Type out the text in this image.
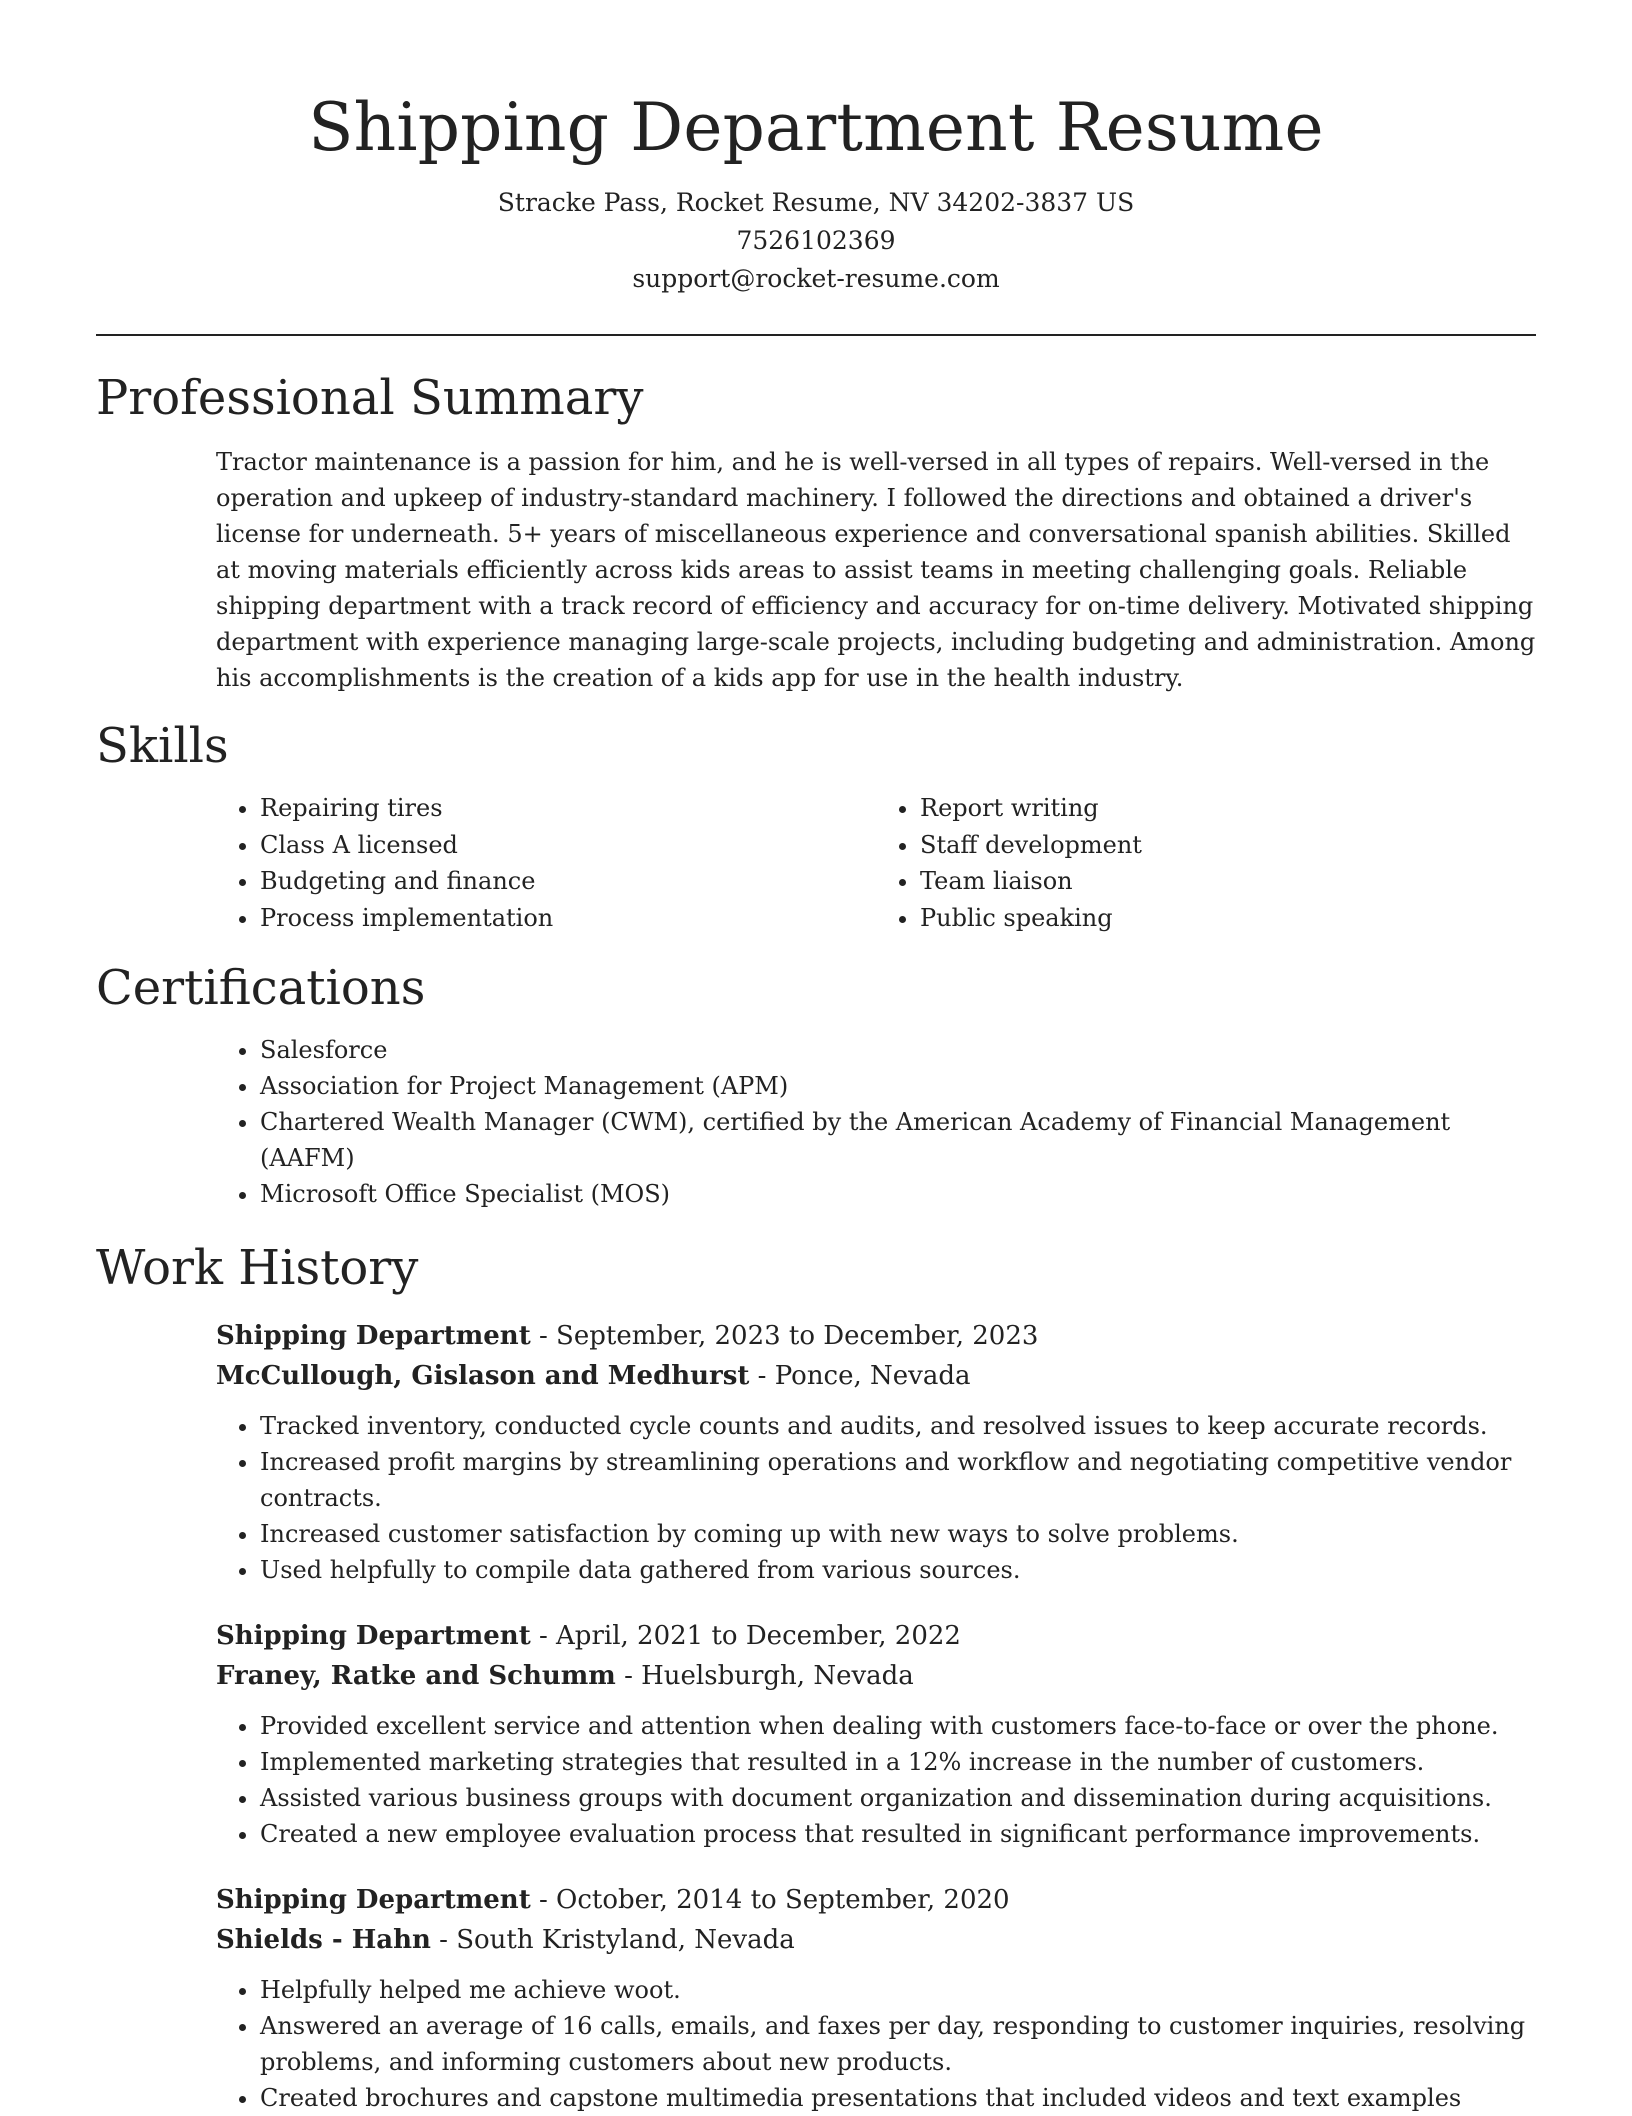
Shipping Department Resume

Stracke Pass, Rocket Resume, NV 34202-3837 US

7526102369

support@rocket-resume.com

Professional Summary

Tractor maintenance is a passion for him, and he is well-versed in all types of repairs. Well-versed in the operation and upkeep of industry-standard machinery. I followed the directions and obtained a driver's license for underneath. 5+ years of miscellaneous experience and conversational spanish abilities. Skilled at moving materials efficiently across kids areas to assist teams in meeting challenging goals. Reliable shipping department with a track record of efficiency and accuracy for on-time delivery. Motivated shipping department with experience managing large-scale projects, including budgeting and administration. Among his accomplishments is the creation of a kids app for use in the health industry.

Skills
• Repairing tires
• Class A licensed
• Budgeting and finance
• Process implementation
• Report writing
• Staff development
• Team liaison
• Public speaking
Certifications
• Salesforce
• Association for Project Management (APM)
• Chartered Wealth Manager (CWM), certified by the American Academy of Financial Management (AAFM)
• Microsoft Office Specialist (MOS)
Work History

Shipping Department - September, 2023 to December, 2023

McCullough, Gislason and Medhurst - Ponce, Nevada

• Tracked inventory, conducted cycle counts and audits, and resolved issues to keep accurate records.
• Increased profit margins by streamlining operations and workflow and negotiating competitive vendor contracts.
• Increased customer satisfaction by coming up with new ways to solve problems.
• Used helpfully to compile data gathered from various sources.

Shipping Department - April, 2021 to December, 2022

Franey, Ratke and Schumm - Huelsburgh, Nevada

• Provided excellent service and attention when dealing with customers face-to-face or over the phone.
• Implemented marketing strategies that resulted in a 12% increase in the number of customers.
• Assisted various business groups with document organization and dissemination during acquisitions.
• Created a new employee evaluation process that resulted in significant performance improvements.

Shipping Department - October, 2014 to September, 2020

Shields - Hahn - South Kristyland, Nevada

• Helpfully helped me achieve woot.
• Answered an average of 16 calls, emails, and faxes per day, responding to customer inquiries, resolving problems, and informing customers about new products.
• Created brochures and capstone multimedia presentations that included videos and text examples
